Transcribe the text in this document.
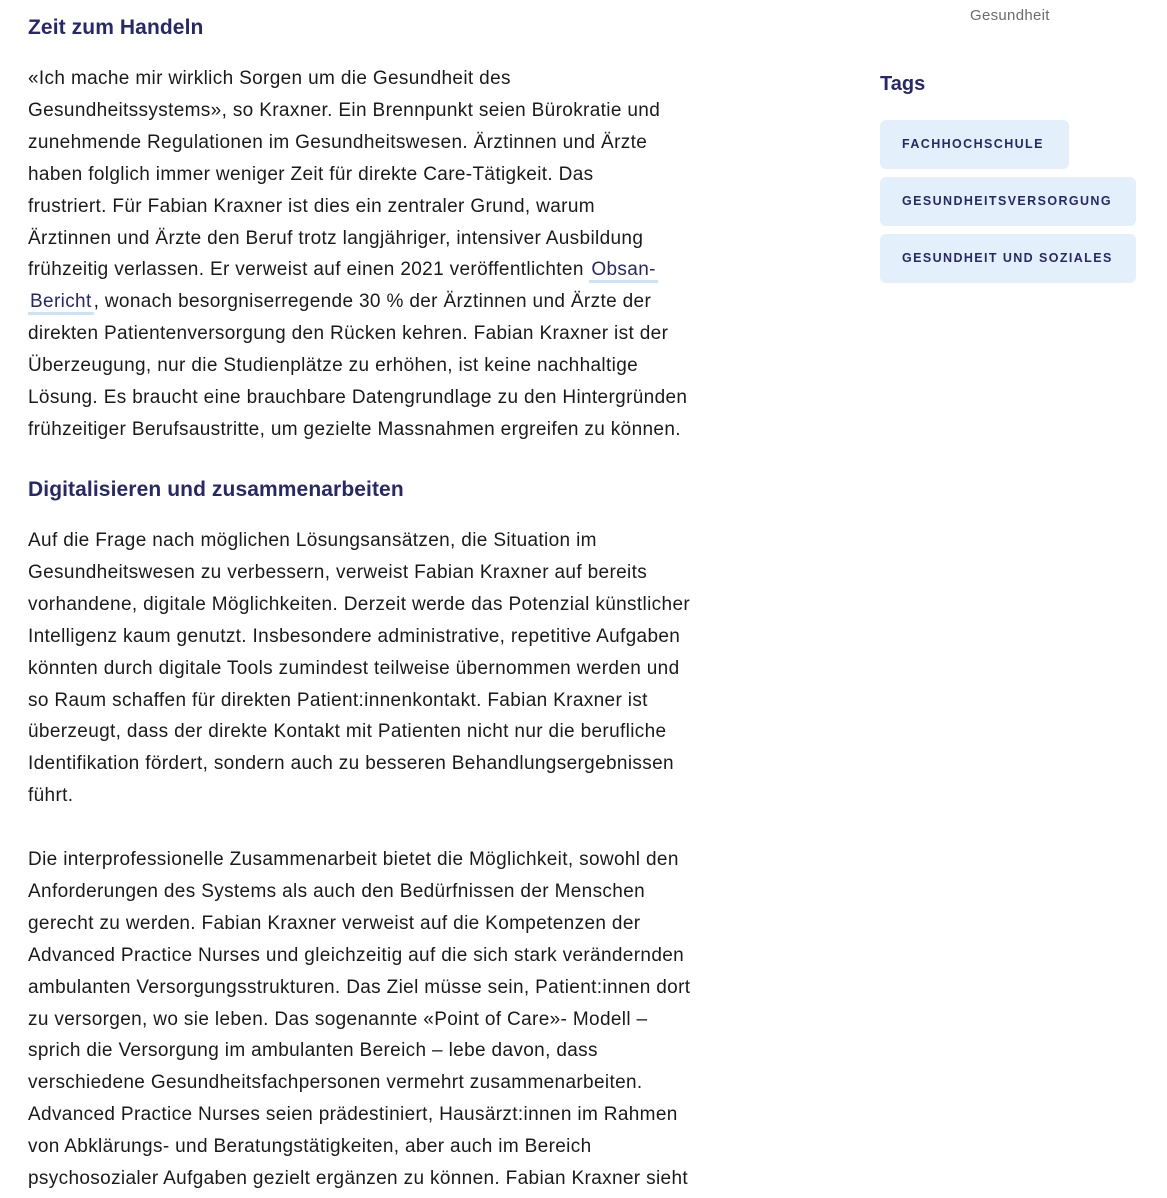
Zeit zum Handeln

«Ich mache mir wirklich Sorgen um die Gesundheit des
Gesundheitssystems», so Kraxner. Ein Brennpunkt seien Bürokratie und
zunehmende Regulationen im Gesundheitswesen. Ärztinnen und Ärzte
haben folglich immer weniger Zeit für direkte Care-Tätigkeit. Das
frustriert. Für Fabian Kraxner ist dies ein zentraler Grund, warum
Ärztinnen und Ärzte den Beruf trotz langjähriger, intensiver Ausbildung
frühzeitig verlassen. Er verweist auf einen 2021 veröffentlichten Obsan-
Bericht , wonach besorgniserregende 30 % der Ärztinnen und Ärzte der
direkten Patientenversorgung den Rücken kehren. Fabian Kraxner ist der
Überzeugung, nur die Studienplätze zu erhöhen, ist keine nachhaltige
Lösung. Es braucht eine brauchbare Datengrundlage zu den Hintergründen
frühzeitiger Berufsaustritte, um gezielte Massnahmen ergreifen zu können.

Digitalisieren und zusammenarbeiten

Auf die Frage nach möglichen Lösungsansätzen, die Situation im
Gesundheitswesen zu verbessern, verweist Fabian Kraxner auf bereits
vorhandene, digitale Möglichkeiten. Derzeit werde das Potenzial künstlicher
Intelligenz kaum genutzt. Insbesondere administrative, repetitive Aufgaben
könnten durch digitale Tools zumindest teilweise übernommen werden und
so Raum schaffen für direkten Patient:innenkontakt. Fabian Kraxner ist
überzeugt, dass der direkte Kontakt mit Patienten nicht nur die berufliche
Identifikation fördert, sondern auch zu besseren Behandlungsergebnissen
führt.

Die interprofessionelle Zusammenarbeit bietet die Möglichkeit, sowohl den
Anforderungen des Systems als auch den Bedürfnissen der Menschen
gerecht zu werden. Fabian Kraxner verweist auf die Kompetenzen der
Advanced Practice Nurses und gleichzeitig auf die sich stark verändernden
ambulanten Versorgungsstrukturen. Das Ziel müsse sein, Patient:innen dort
zu versorgen, wo sie leben. Das sogenannte «Point of Care»- Modell –
sprich die Versorgung im ambulanten Bereich – lebe davon, dass
verschiedene Gesundheitsfachpersonen vermehrt zusammenarbeiten.
Advanced Practice Nurses seien prädestiniert, Hausärzt:innen im Rahmen
von Abklärungs- und Beratungstätigkeiten, aber auch im Bereich
psychosozialer Aufgaben gezielt ergänzen zu können. Fabian Kraxner sieht

Gesundheit
Tags
FACHHOCHSCHULE
GESUNDHEITSVERSORGUNG
GESUNDHEIT UND SOZIALES
